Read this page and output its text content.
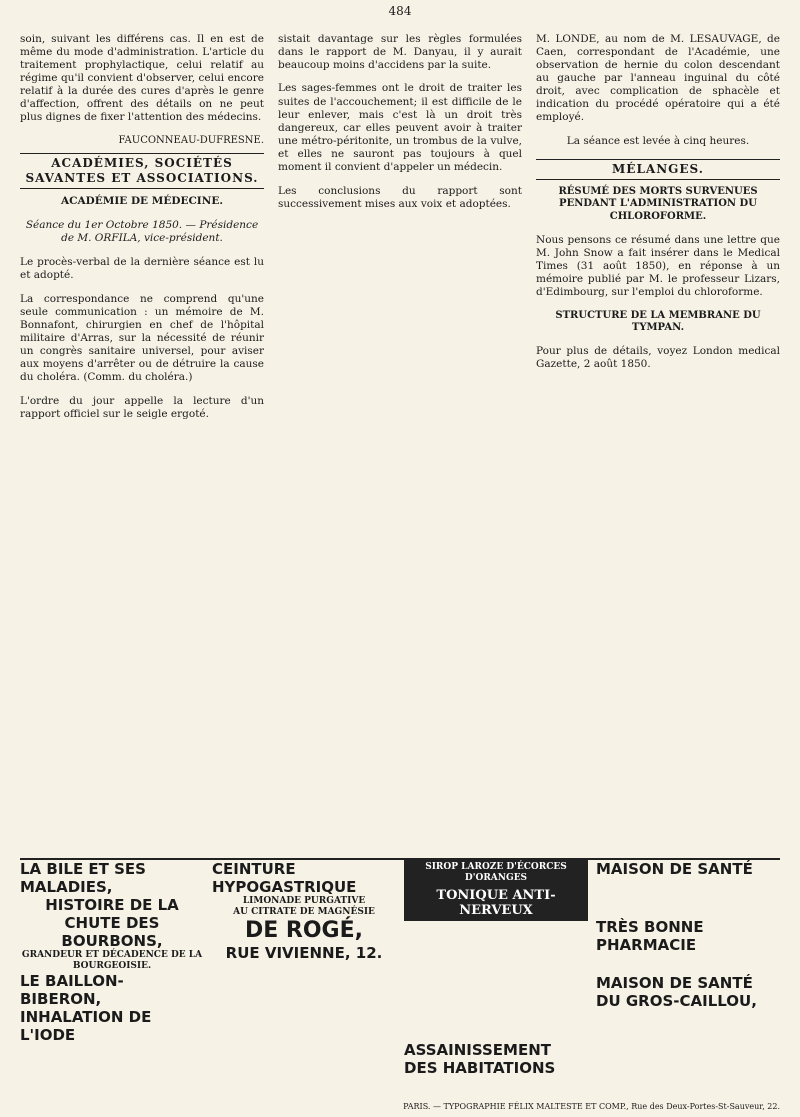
484

soin, suivant les différens cas. Il en est de même du mode d'administration. L'article du traitement prophylactique, celui relatif au régime qu'il convient d'observer, celui encore relatif à la durée des cures d'après le genre d'affection, offrent des détails on ne peut plus dignes de fixer l'attention des médecins.

FAUCONNEAU-DUFRESNE.
ACADÉMIES, SOCIÉTÉS SAVANTES ET ASSOCIATIONS.
ACADÉMIE DE MÉDECINE.

Séance du 1er Octobre 1850. — Présidence de M. ORFILA, vice-président.

Le procès-verbal de la dernière séance est lu et adopté.

La correspondance ne comprend qu'une seule communication : un mémoire de M. Bonnafont, chirurgien en chef de l'hôpital militaire d'Arras, sur la nécessité de réunir un congrès sanitaire universel, pour aviser aux moyens d'arrêter ou de détruire la cause du choléra. (Comm. du choléra.)

L'ordre du jour appelle la lecture d'un rapport officiel sur le seigle ergoté.

sistait davantage sur les règles formulées dans le rapport de M. Danyau, il y aurait beaucoup moins d'accidens par la suite.

Les sages-femmes ont le droit de traiter les suites de l'accouchement; il est difficile de le leur enlever, mais c'est là un droit très dangereux, car elles peuvent avoir à traiter une métro-péritonite, un trombus de la vulve, et elles ne sauront pas toujours à quel moment il convient d'appeler un médecin.

Les conclusions du rapport sont successivement mises aux voix et adoptées.

M. LONDE, au nom de M. LESAUVAGE, de Caen, correspondant de l'Académie, une observation de hernie du colon descendant au gauche par l'anneau inguinal du côté droit, avec complication de sphacèle et indication du procédé opératoire qui a été employé.

La séance est levée à cinq heures.

MÉLANGES.
RÉSUMÉ DES MORTS SURVENUES PENDANT L'ADMINISTRATION DU CHLOROFORME.

Nous pensons ce résumé dans une lettre que M. John Snow a fait insérer dans le Medical Times (31 août 1850), en réponse à un mémoire publié par M. le professeur Lizars, d'Edimbourg, sur l'emploi du chloroforme.

STRUCTURE DE LA MEMBRANE DU TYMPAN.

Pour plus de détails, voyez London medical Gazette, 2 août 1850.

LA BILE ET SES MALADIES,
HISTOIRE DE LA CHUTE DES BOURBONS,
GRANDEUR ET DÉCADENCE DE LA BOURGEOISIE.
LE BAILLON-BIBERON,
INHALATION DE L'IODE
CEINTURE HYPOGASTRIQUE
LIMONADE PURGATIVE
AU CITRATE DE MAGNÉSIE
DE ROGÉ,
RUE VIVIENNE, 12.
SIROP LAROZE D'ÉCORCES D'ORANGES
TONIQUE ANTI-NERVEUX
ASSAINISSEMENT DES HABITATIONS
MAISON DE SANTÉ
TRÈS BONNE PHARMACIE
MAISON DE SANTÉ DU GROS-CAILLOU,
PARIS. — TYPOGRAPHIE FÉLIX MALTESTE ET COMP., Rue des Deux-Portes-St-Sauveur, 22.
